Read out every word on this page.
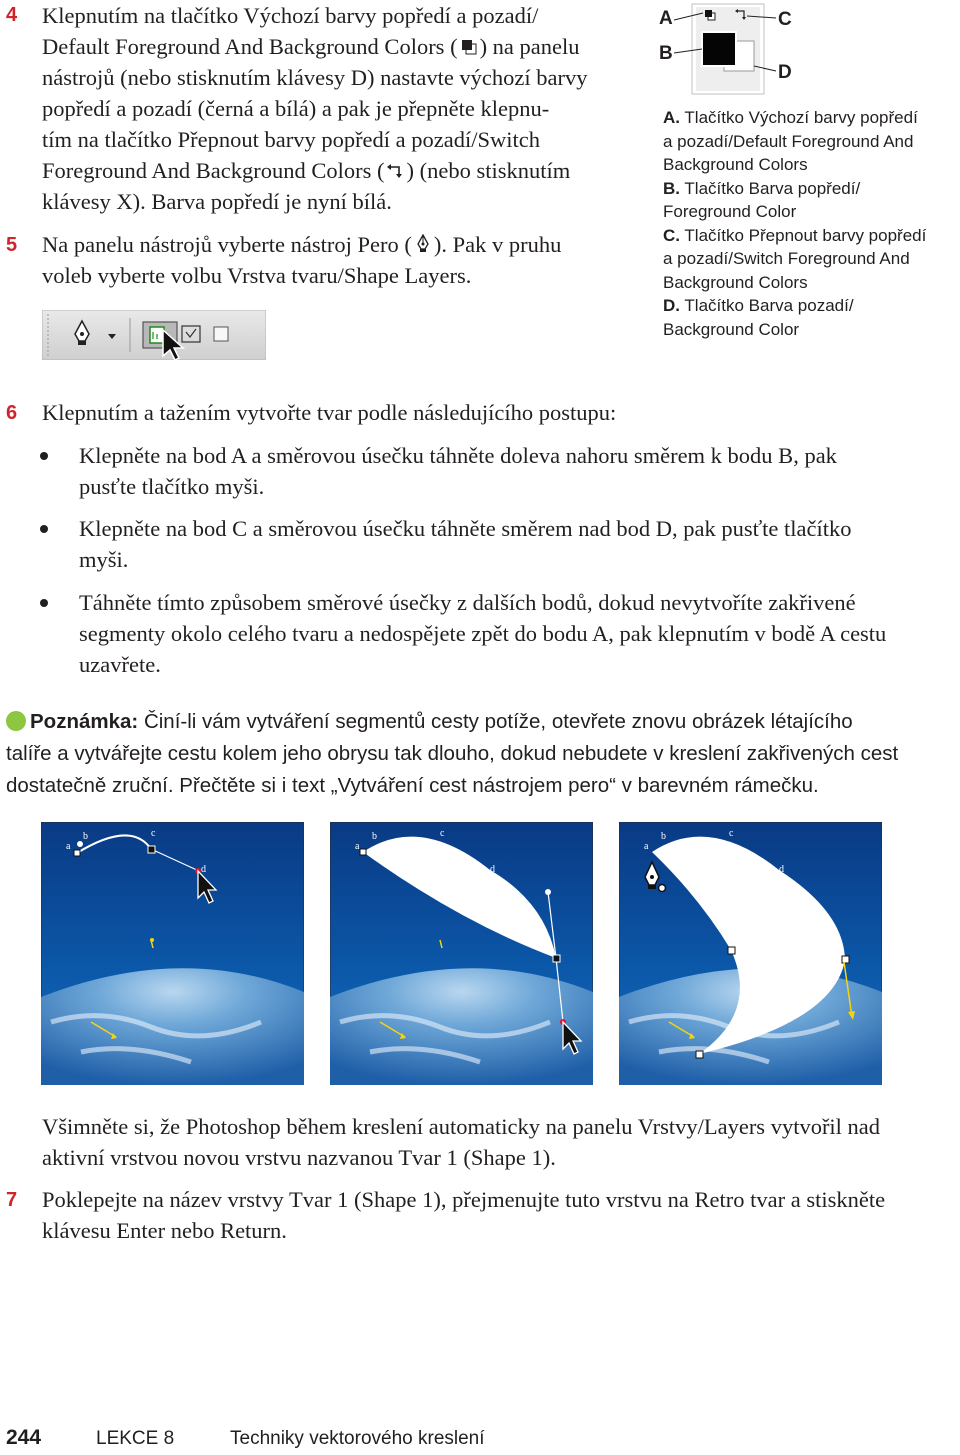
4 Klepnutím na tlačítko Výchozí barvy popředí a pozadí/
Default Foreground And Background Colors ( ) na panelu
nástrojů (nebo stisknutím klávesy D) nastavte výchozí barvy
popředí a pozadí (černá a bílá) a pak je přepněte klepnu-
tím na tlačítko Přepnout barvy popředí a pozadí/Switch
Foreground And Background Colors ( ) (nebo stisknutím
klávesy X). Barva popředí je nyní bílá.
5 Na panelu nástrojů vyberte nástroj Pero ( ). Pak v pruhu
voleb vyberte volbu Vrstva tvaru/Shape Layers.
A
B
C
D
A. Tlačítko Výchozí barvy popředí
a pozadí/Default Foreground And
Background Colors
B. Tlačítko Barva popředí/
Foreground Color
C. Tlačítko Přepnout barvy popředí
a pozadí/Switch Foreground And
Background Colors
D. Tlačítko Barva pozadí/
Background Color
6 Klepnutím a tažením vytvořte tvar podle následujícího postupu:
Klepněte na bod A a směrovou úsečku táhněte doleva nahoru směrem k bodu B, pak
pusťte tlačítko myši.
Klepněte na bod C a směrovou úsečku táhněte směrem nad bod D, pak pusťte tlačítko
myši.
Táhněte tímto způsobem směrové úsečky z dalších bodů, dokud nevytvoříte zakřivené
segmenty okolo celého tvaru a nedospějete zpět do bodu A, pak klepnutím v bodě A cestu
uzavřete.
Poznámka: Činí-li vám vytváření segmentů cesty potíže, otevřete znovu obrázek létajícího
talíře a vytvářejte cestu kolem jeho obrysu tak dlouho, dokud nebudete v kreslení zakřivených cest
dostatečně zruční. Přečtěte si i text „Vytváření cest nástrojem pero“ v barevném rámečku.
a
b	c
d
a
b	c
d
a
b	c
d
Všimněte si, že Photoshop během kreslení automaticky na panelu Vrstvy/Layers vytvořil nad
aktivní vrstvou novou vrstvu nazvanou Tvar 1 (Shape 1).
7 Poklepejte na název vrstvy Tvar 1 (Shape 1), přejmenujte tuto vrstvu na Retro tvar a stiskněte
klávesu Enter nebo Return.
244	LEKCE 8	Techniky vektorového kreslení
